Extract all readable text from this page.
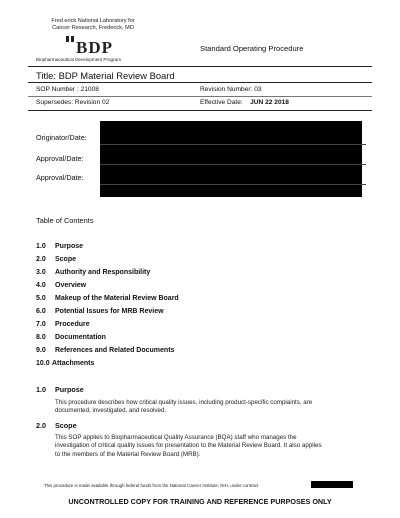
Fred erick National Laboratory for
Cancer Research, Frederick, MD
BDP
Biopharmaceutical Development Program
Standard Operating Procedure
Title: BDP Material Review Board
SOP Number : 21008	Revision Number: 03
Supersedes: Revision 02	Effective Date: JUN 22 2018
Originator/Date:
Approval/Date:
Approval/Date:
Table of Contents
1.0 Purpose
2.0 Scope
3.0 Authority and Responsibility
4.0 Overview
5.0 Makeup of the Material Review Board
6.0 Potential Issues for MRB Review
7.0 Procedure
8.0 Documentation
9.0 References and Related Documents
10.0 Attachments
1.0 Purpose
This procedure describes how critical quality issues, including product-specific complaints, are
documented, investigated, and resolved.
2.0 Scope
This SOP applies to Biopharmaceutical Quality Assurance (BQA) staff who manages the
investigation of critical quality issues for presentation to the Material Review Board. It also applies
to the members of the Material Review Board (MRB).
This procedure is made available through federal funds from the National Cancer Institute, NIH, under contract
UNCONTROLLED COPY FOR TRAINING AND REFERENCE PURPOSES ONLY
